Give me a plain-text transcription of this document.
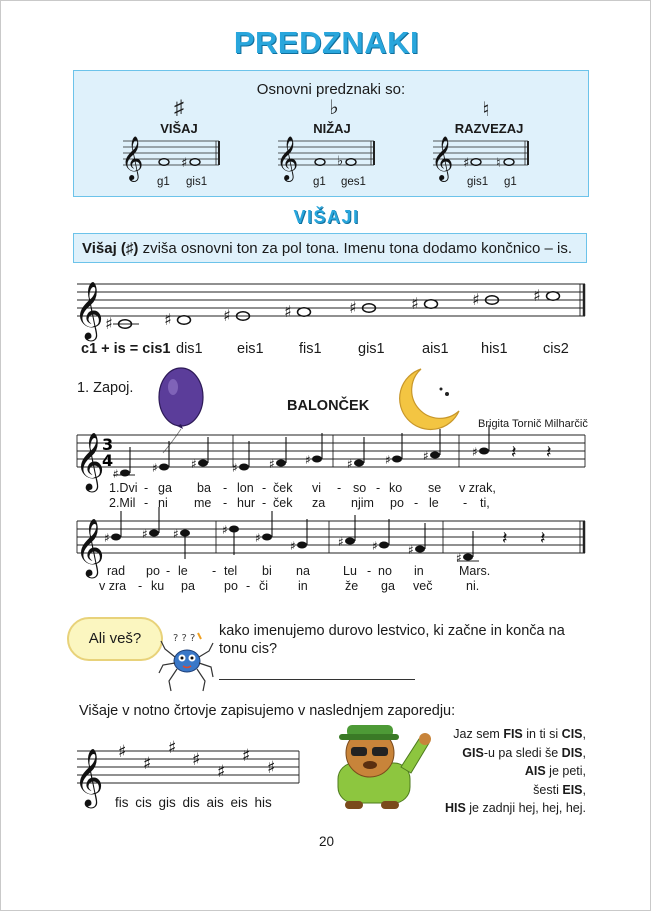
PREDZNAKI
Osnovni predznaki so:
♯
VIŠAJ
♭
NIŽAJ
♮
RAZVEZAJ
𝄞	𝄞	𝄞
♯	♭	♯ ♮
g1 gis1	g1 ges1	gis1 g1
VIŠAJI
Višaj (♯) zviša osnovni ton za pol tona. Imenu tona dodamo končnico – is.
𝄞 ♯	♯	♯	♯	♯	♯	♯	♯
c1 + is = cis1 dis1 eis1 fis1	gis1	ais1 his1 cis2
1. Zapoj.
BALONČEK
Brigita Tornič Milharčič
𝄞
3
4
♯	♯	♯	♯	♯	♯	♯	♯	♯	♯ 𝄽 𝄽
1.Dvi - ga ba - lon - ček vi - so - ko se v zrak,
2.Mil - ni me - hur - ček za njim po - le - ti,
𝄞 ♯	♯ ♯	♯
♯
♯	♯ ♯	♯
♯
𝄽 𝄽
rad po - le - tel bi na	Lu - no in	Mars.
v zra - ku pa po - či in	že ga več	ni.
Ali veš?	? ? ? kako imenujemo durovo lestvico, ki začne in konča na
tonu cis?
Višaje v notno črtovje zapisujemo v naslednjem zaporedju:
𝄞 ♯
♯
♯
♯
♯
♯
♯
fis cis gis dis ais eis his
Jaz sem FIS in ti si CIS,
GIS-u pa sledi še DIS,
AIS je peti,
šesti EIS,
HIS je zadnji hej, hej, hej.
20
